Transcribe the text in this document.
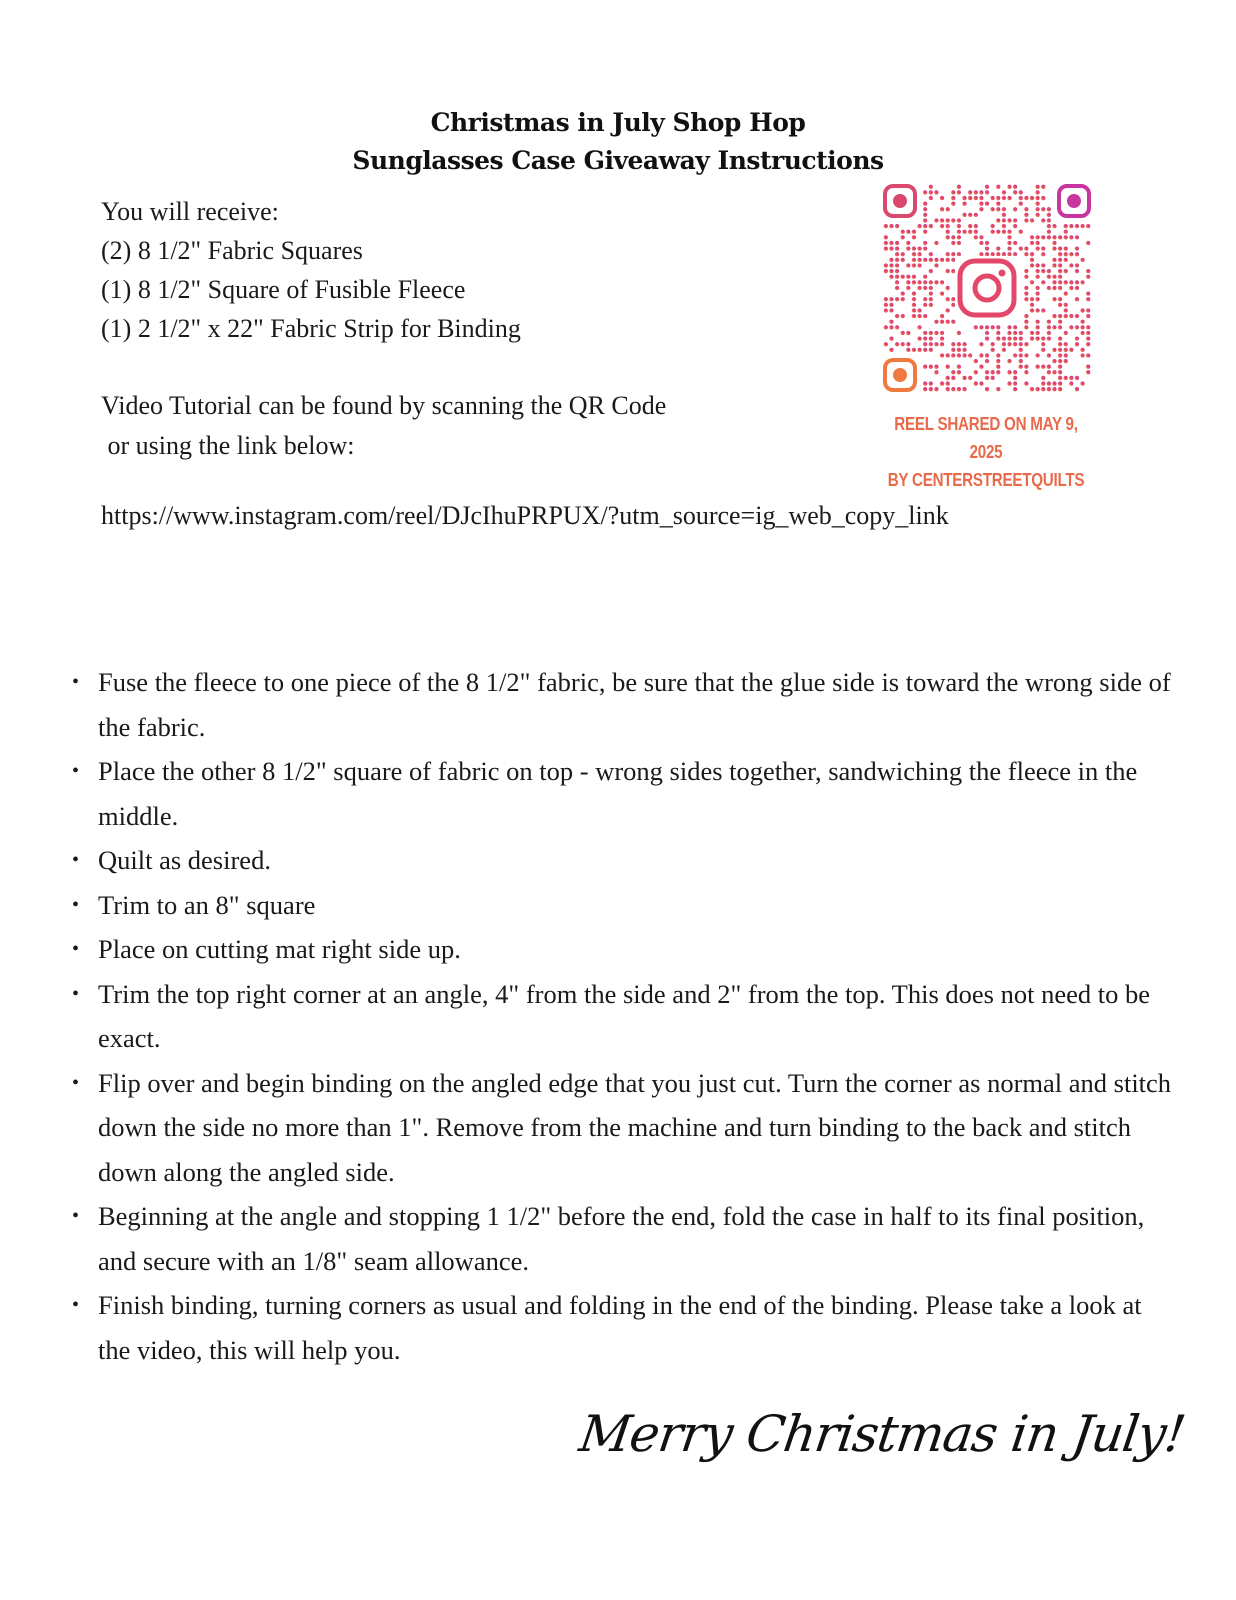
Christmas in July Shop Hop
Sunglasses Case Giveaway Instructions
You will receive:
(2) 8 1/2" Fabric Squares
(1) 8 1/2" Square of Fusible Fleece
(1) 2 1/2" x 22" Fabric Strip for Binding
Video Tutorial can be found by scanning the QR Code
or using the link below:
https://www.instagram.com/reel/DJcIhuPRPUX/?utm_source=ig_web_copy_link
REEL SHARED ON MAY 9, 2025
BY CENTERSTREETQUILTS
• Fuse the fleece to one piece of the 8 1/2" fabric, be sure that the glue side is toward the wrong side of the fabric.
• Place the other 8 1/2" square of fabric on top - wrong sides together, sandwiching the fleece in the middle.
• Quilt as desired.
• Trim to an 8" square
• Place on cutting mat right side up.
• Trim the top right corner at an angle, 4" from the side and 2" from the top. This does not need to be exact.
• Flip over and begin binding on the angled edge that you just cut. Turn the corner as normal and stitch down the side no more than 1". Remove from the machine and turn binding to the back and stitch down along the angled side.
• Beginning at the angle and stopping 1 1/2" before the end, fold the case in half to its final position, and secure with an 1/8" seam allowance.
• Finish binding, turning corners as usual and folding in the end of the binding. Please take a look at the video, this will help you.
Merry Christmas in July!
